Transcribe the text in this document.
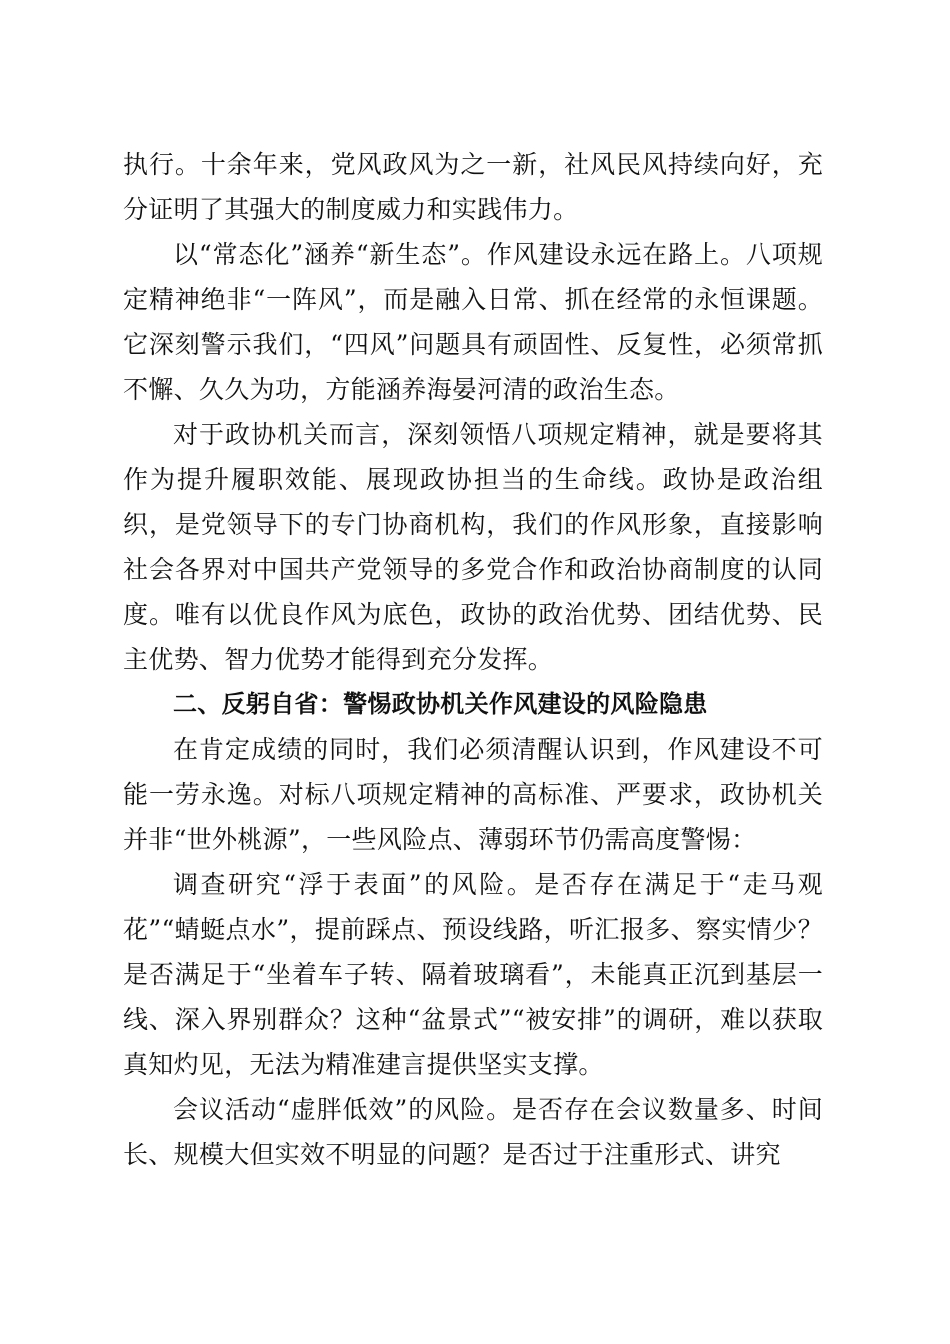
执行。十余年来，党风政风为之一新，社风民风持续向好，充分证明了其强大的制度威力和实践伟力。

以“常态化”涵养“新生态”。作风建设永远在路上。八项规定精神绝非“一阵风”，而是融入日常、抓在经常的永恒课题。它深刻警示我们，“四风”问题具有顽固性、反复性，必须常抓不懈、久久为功，方能涵养海晏河清的政治生态。

对于政协机关而言，深刻领悟八项规定精神，就是要将其作为提升履职效能、展现政协担当的生命线。政协是政治组织，是党领导下的专门协商机构，我们的作风形象，直接影响社会各界对中国共产党领导的多党合作和政治协商制度的认同度。唯有以优良作风为底色，政协的政治优势、团结优势、民主优势、智力优势才能得到充分发挥。

二、反躬自省：警惕政协机关作风建设的风险隐患

在肯定成绩的同时，我们必须清醒认识到，作风建设不可能一劳永逸。对标八项规定精神的高标准、严要求，政协机关并非“世外桃源”，一些风险点、薄弱环节仍需高度警惕：

调查研究“浮于表面”的风险。是否存在满足于“走马观花”“蜻蜓点水”，提前踩点、预设线路，听汇报多、察实情少？是否满足于“坐着车子转、隔着玻璃看”，未能真正沉到基层一线、深入界别群众？这种“盆景式”“被安排”的调研，难以获取真知灼见，无法为精准建言提供坚实支撑。

会议活动“虚胖低效”的风险。是否存在会议数量多、时间长、规模大但实效不明显的问题？是否过于注重形式、讲究
